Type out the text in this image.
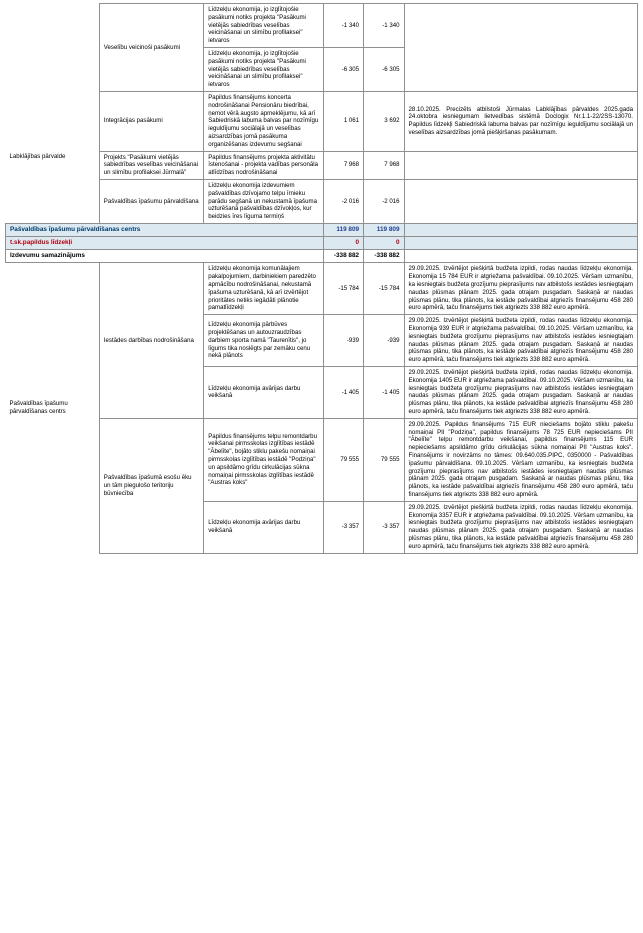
	Veselību veicinoši pasākumi	Līdzekļu ekonomija, jo izglītojošie pasākumi notiks projekta "Pasākumi vietējās sabiedrības veselības veicināšanai un slimību profilaksei" ietvaros	-1 340	-1 340	
		Līdzekļu ekonomija, jo izglītojošie pasākumi notiks projekta "Pasākumi vietējās sabiedrības veselības veicināšanai un slimību profilaksei" ietvaros	-6 305	-6 305	
Labklājības pārvalde	Integrācijas pasākumi	Papildus finansējums koncerta nodrošināšanai Pensionāru biedrībai, ņemot vērā augsto apmeklējumu, kā arī Sabiedriskā labuma balvas par nozīmīgu ieguldījumu sociālajā un veselības aizsardzības jomā pasākuma organizēšanas izdevumu segšanai	1 061	3 692	28.10.2025. Precizēts atbilstoši Jūrmalas Labklājības pārvaldes 2025.gada 24.oktobra iesniegumam lietvedības sistēmā Doclogix Nr.1.1-22/2SS-13070. Papildus līdzekļi Sabiedriskā labuma balvas par nozīmīgu ieguldījumu sociālajā un veselības aizsardzības jomā piešķiršanas pasākumam.
	Projekts "Pasākumi vietējās sabiedrības veselības veicināšanai un slimību profilaksei Jūrmalā"	Papildus finansējums projekta aktivitātu īstenošanai - projekta vadības personāla atlīdzības nodrošināšanai	7 968	7 968	
	Pašvaldības īpašumu pārvaldīšana	Līdzekļu ekonomija izdevumiem pašvaldības dzīvojamo telpu īrnieku parādu segšanā un nekustamā īpašuma uzturēšanā pašvaldības dzīvokļos, kur beidzies īres līguma termiņš	-2 016	-2 016	
Pašvaldības īpašumu pārvaldīšanas centrs			119 809	119 809	
t.sk.papildus līdzekļi			0	0	
Izdevumu samazinājums			-338 882	-338 882	
Pašvaldības īpašumu pārvaldīšanas centrs	Iestādes darbības nodrošināšana	Līdzekļu ekonomija komunālajiem pakalpojumiem, darbiniekiem paredzēto apmācību nodrošināšanai, nekustamā īpašuma uzturēšanā, kā arī izvērtējot prioritātes netiks iegādāti plānotie pamatlīdzekļi	-15 784	-15 784	29.09.2025. Izvērtējot piešķirtā budžeta izpildi, rodas naudas līdzekļu ekonomija. Ekonomija 15 784 EUR ir atgriežama pašvaldībai. 09.10.2025. Vēršam uzmanību, ka iesniegtais budžeta grozījumu pieprasījums nav atbilstošs iestādes iesniegtajam naudas plūsmas plānam 2025. gada otrajam pusgadam. Saskaņā ar naudas plūsmas plānu, tika plānots, ka iestāde pašvaldībai atgriezīs finansējumu 458 280 euro apmērā, taču finansējums tiek atgriezts 338 882 euro apmērā.
		Līdzekļu ekonomija pārbūves projektēšanas un autouzraudzības darbiem sporta namā "Taurenītis", jo līgums tika noslēgts par zemāku cenu nekā plānots	-939	-939	29.09.2025. Izvērtējot piešķirtā budžeta izpildi, rodas naudas līdzekļu ekonomija. Ekonomija 939 EUR ir atgriežama pašvaldībai. 09.10.2025. Vēršam uzmanību, ka iesniegtais budžeta grozījumu pieprasījums nav atbilstošs iestādes iesniegtajam naudas plūsmas plānam 2025. gada otrajam pusgadam. Saskaņā ar naudas plūsmas plānu, tika plānots, ka iestāde pašvaldībai atgriezīs finansējumu 458 280 euro apmērā, taču finansējums tiek atgriezts 338 882 euro apmērā.
		Līdzekļu ekonomija avārijas darbu veikšanā	-1 405	-1 405	29.09.2025. Izvērtējot piešķirtā budžeta izpildi, rodas naudas līdzekļu ekonomija. Ekonomija 1405 EUR ir atgriežama pašvaldībai. 09.10.2025. Vēršam uzmanību, ka iesniegtais budžeta grozījumu pieprasījums nav atbilstošs iestādes iesniegtajam naudas plūsmas plānam 2025. gada otrajam pusgadam. Saskaņā ar naudas plūsmas plānu, tika plānots, ka iestāde pašvaldībai atgriezīs finansējumu 458 280 euro apmērā, taču finansējums tiek atgriezts 338 882 euro apmērā.
Pašvaldības īpašumā esošu ēku un tām piegulošo teritoriju būvniecība	Papildus finansējums telpu remontdarbu veikšanai pirmsskolas izglītības iestādē "Ābelīte", bojāto stiklu pakešu nomaiņai pirmsskolas izglītības iestādē "Podziņa" un apsildāmo grīdu cirkulācijas sūkna nomaiņai pirmsskolas izglītības iestādē "Austras koks"	79 555	79 555	29.09.2025. Papildus finansējums 715 EUR nieciešams bojāto stiklu pakešu nomaiņai PII "Podziņa", papildus finansējums 78 725 EUR nepieciešams PII "Ābelīte" telpu remontdarbu veikšanai, papildus finansējums 115 EUR nepieciešams apsildāmo grīdu cirkulācijas sūkna nomaiņai PII "Austras koks". Finansējums ir novirzāms no tāmes: 09.640.035.PIPC, 0350000 - Pašvaldības īpašumu pārvaldīšana. 09.10.2025. Vēršam uzmanību, ka iesniegtais budžeta grozījumu pieprasījums nav atbilstošs iestādes iesniegtajam naudas plūsmas plānam 2025. gada otrajam pusgadam. Saskaņā ar naudas plūsmas plānu, tika plānots, ka iestāde pašvaldībai atgriezīs finansējumu 458 280 euro apmērā, taču finansējums tiek atgriezts 338 882 euro apmērā.
		Līdzekļu ekonomija avārijas darbu veikšanā	-3 357	-3 357	29.09.2025. Izvērtējot piešķirtā budžeta izpildi, rodas naudas līdzekļu ekonomija. Ekonomija 3357 EUR ir atgriežama pašvaldībai. 09.10.2025. Vēršam uzmanību, ka iesniegtais budžeta grozījumu pieprasījums nav atbilstošs iestādes iesniegtajam naudas plūsmas plānam 2025. gada otrajam pusgadam. Saskaņā ar naudas plūsmas plānu, tika plānots, ka iestāde pašvaldībai atgriezīs finansējumu 458 280 euro apmērā, taču finansējums tiek atgriezts 338 882 euro apmērā.
